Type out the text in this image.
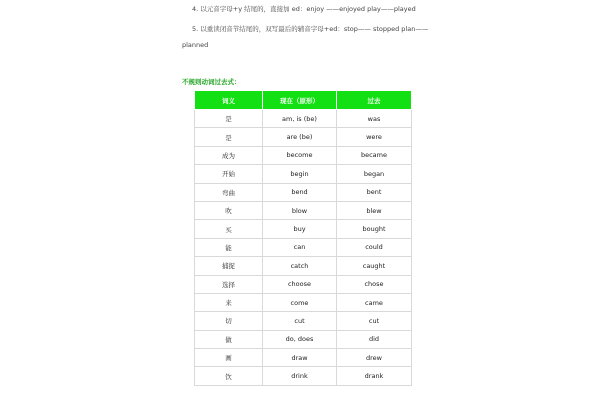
4. 以元音字母+y 结尾的，直接加 ed：enjoy ——enjoyed play——played
5. 以重读闭音节结尾的，双写最后的辅音字母+ed：stop—— stopped plan——
planned
不规则动词过去式：
词义	现在（原形）	过去
是	am, is (be)	was
是	are (be)	were
成为	become	became
开始	begin	began
弯曲	bend	bent
吹	blow	blew
买	buy	bought
能	can	could
捕捉	catch	caught
选择	choose	chose
来	come	came
切	cut	cut
做	do, does	did
画	draw	drew
饮	drink	drank
